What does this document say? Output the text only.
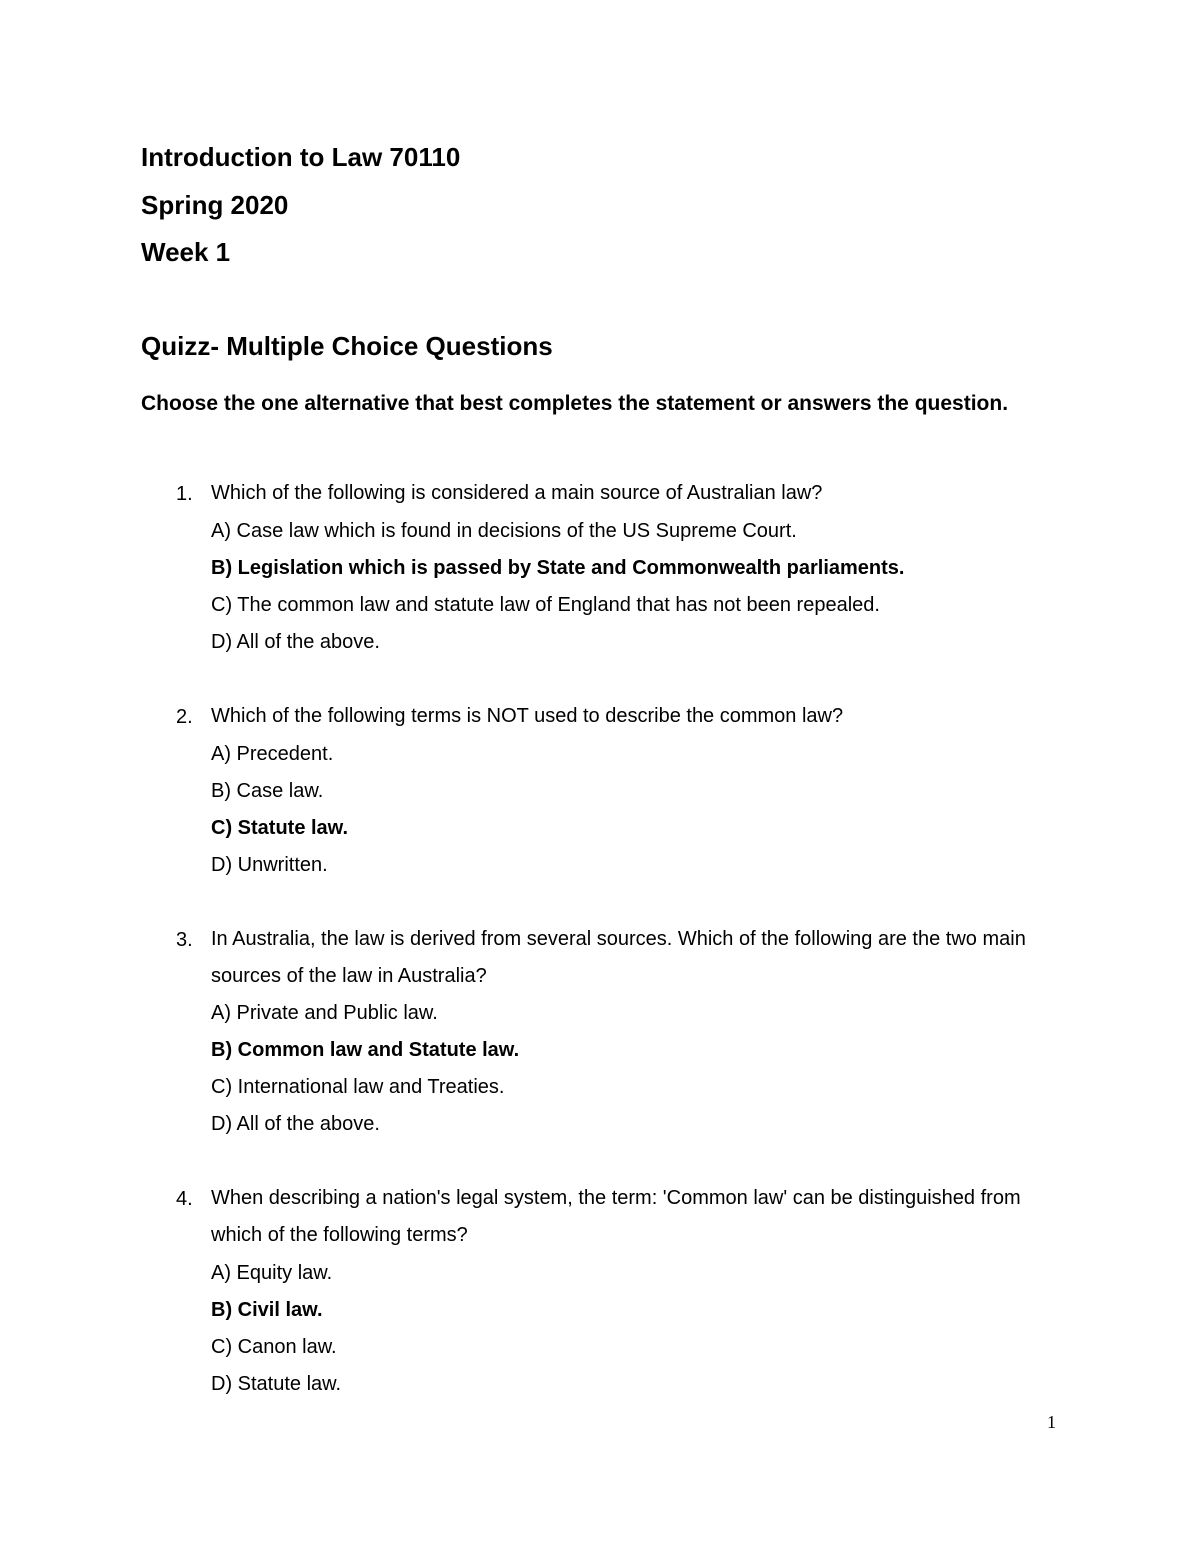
Introduction to Law 70110
Spring 2020
Week 1
Quizz- Multiple Choice Questions

Choose the one alternative that best completes the statement or answers the question.

1. Which of the following is considered a main source of Australian law?

A) Case law which is found in decisions of the US Supreme Court.
B) Legislation which is passed by State and Commonwealth parliaments.
C) The common law and statute law of England that has not been repealed.
D) All of the above.
2. Which of the following terms is NOT used to describe the common law?

A) Precedent.
B) Case law.
C) Statute law.
D) Unwritten.
3. In Australia, the law is derived from several sources. Which of the following are the two main sources of the law in Australia?

A) Private and Public law.
B) Common law and Statute law.
C) International law and Treaties.
D) All of the above.
4. When describing a nation's legal system, the term: 'Common law' can be distinguished from which of the following terms?

A) Equity law.
B) Civil law.
C) Canon law.
D) Statute law.
1
